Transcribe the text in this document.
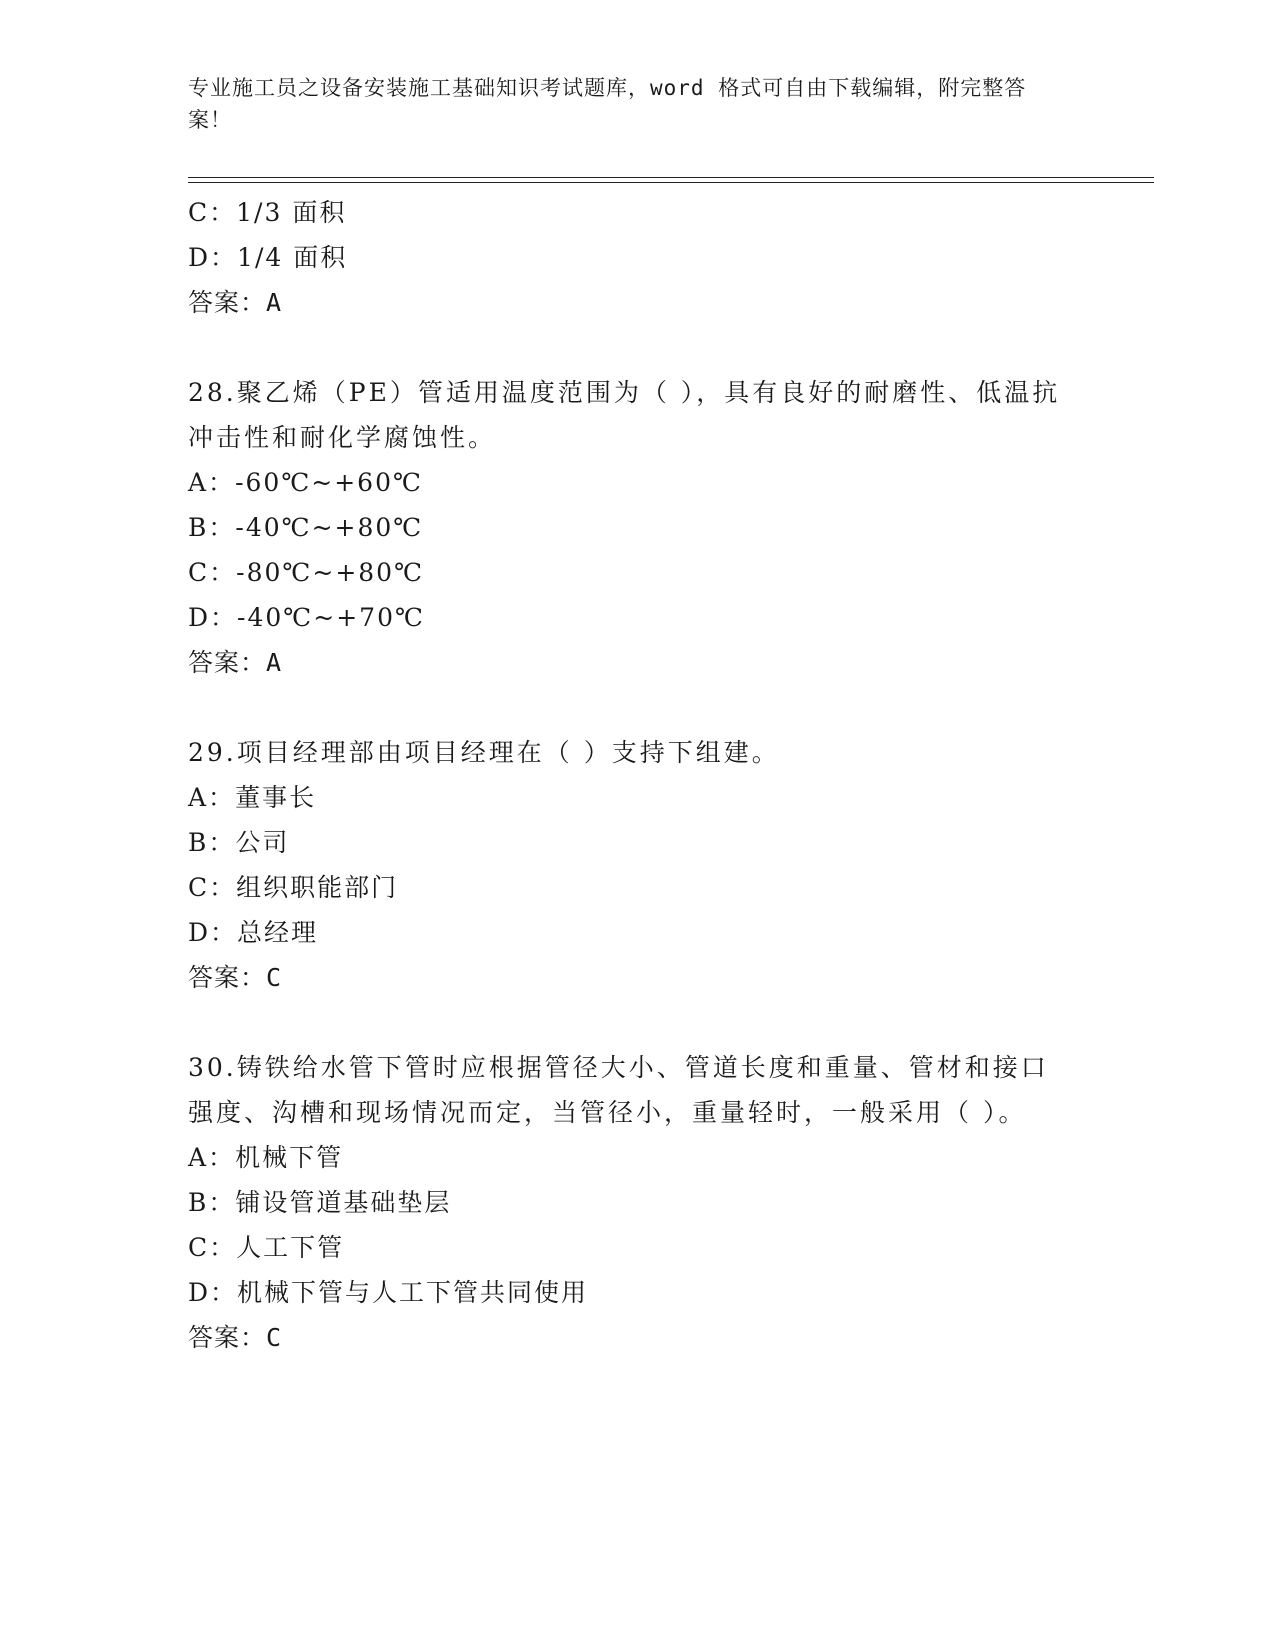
专业施工员之设备安装施工基础知识考试题库，word 格式可自由下载编辑，附完整答案！
C：1/3 面积
D：1/4 面积
答案：A
28.聚乙烯（PE）管适用温度范围为（ ），具有良好的耐磨性、低温抗冲击性和耐化学腐蚀性。
A：-60℃~+60℃
B：-40℃~+80℃
C：-80℃~+80℃
D：-40℃~+70℃
答案：A
29.项目经理部由项目经理在（ ）支持下组建。
A：董事长
B：公司
C：组织职能部门
D：总经理
答案：C
30.铸铁给水管下管时应根据管径大小、管道长度和重量、管材和接口强度、沟槽和现场情况而定，当管径小，重量轻时，一般采用（ ）。
A：机械下管
B：铺设管道基础垫层
C：人工下管
D：机械下管与人工下管共同使用
答案：C
